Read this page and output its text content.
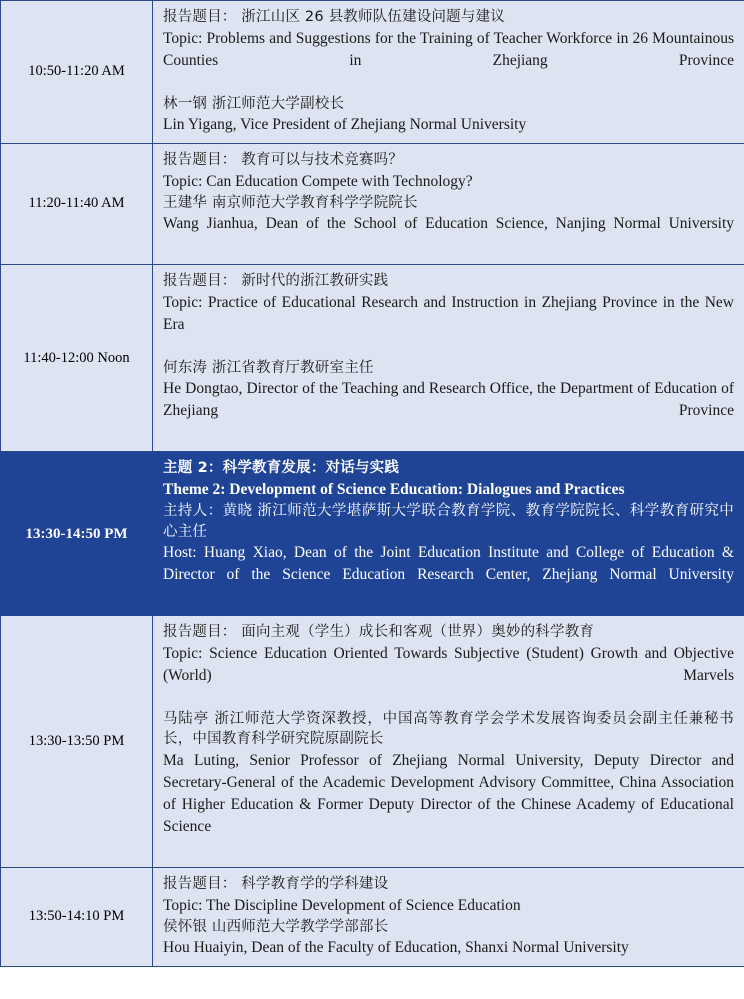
10:50-11:20 AM	报告题目： 浙江山区 26 县教师队伍建设问题与建议

Topic: Problems and Suggestions for the Training of Teacher Workforce in 26 Mountainous Counties in Zhejiang Province

林一钢 浙江师范大学副校长

Lin Yigang, Vice President of Zhejiang Normal University

11:20-11:40 AM	报告题目： 教育可以与技术竞赛吗？

Topic: Can Education Compete with Technology?

王建华 南京师范大学教育科学学院院长

Wang Jianhua, Dean of the School of Education Science, Nanjing Normal University

11:40-12:00 Noon	报告题目： 新时代的浙江教研实践

Topic: Practice of Educational Research and Instruction in Zhejiang Province in the New Era

何东涛 浙江省教育厅教研室主任

He Dongtao, Director of the Teaching and Research Office, the Department of Education of Zhejiang Province

13:30-14:50 PM	主题 2：科学教育发展：对话与实践

Theme 2: Development of Science Education: Dialogues and Practices

主持人：黄晓 浙江师范大学堪萨斯大学联合教育学院、教育学院院长、科学教育研究中心主任

Host: Huang Xiao, Dean of the Joint Education Institute and College of Education & Director of the Science Education Research Center, Zhejiang Normal University

13:30-13:50 PM	报告题目： 面向主观（学生）成长和客观（世界）奥妙的科学教育

Topic: Science Education Oriented Towards Subjective (Student) Growth and Objective (World) Marvels

马陆亭 浙江师范大学资深教授，中国高等教育学会学术发展咨询委员会副主任兼秘书长，中国教育科学研究院原副院长

Ma Luting, Senior Professor of Zhejiang Normal University, Deputy Director and Secretary-General of the Academic Development Advisory Committee, China Association of Higher Education & Former Deputy Director of the Chinese Academy of Educational Science

13:50-14:10 PM	报告题目： 科学教育学的学科建设

Topic: The Discipline Development of Science Education

侯怀银 山西师范大学教学学部部长

Hou Huaiyin, Dean of the Faculty of Education, Shanxi Normal University
